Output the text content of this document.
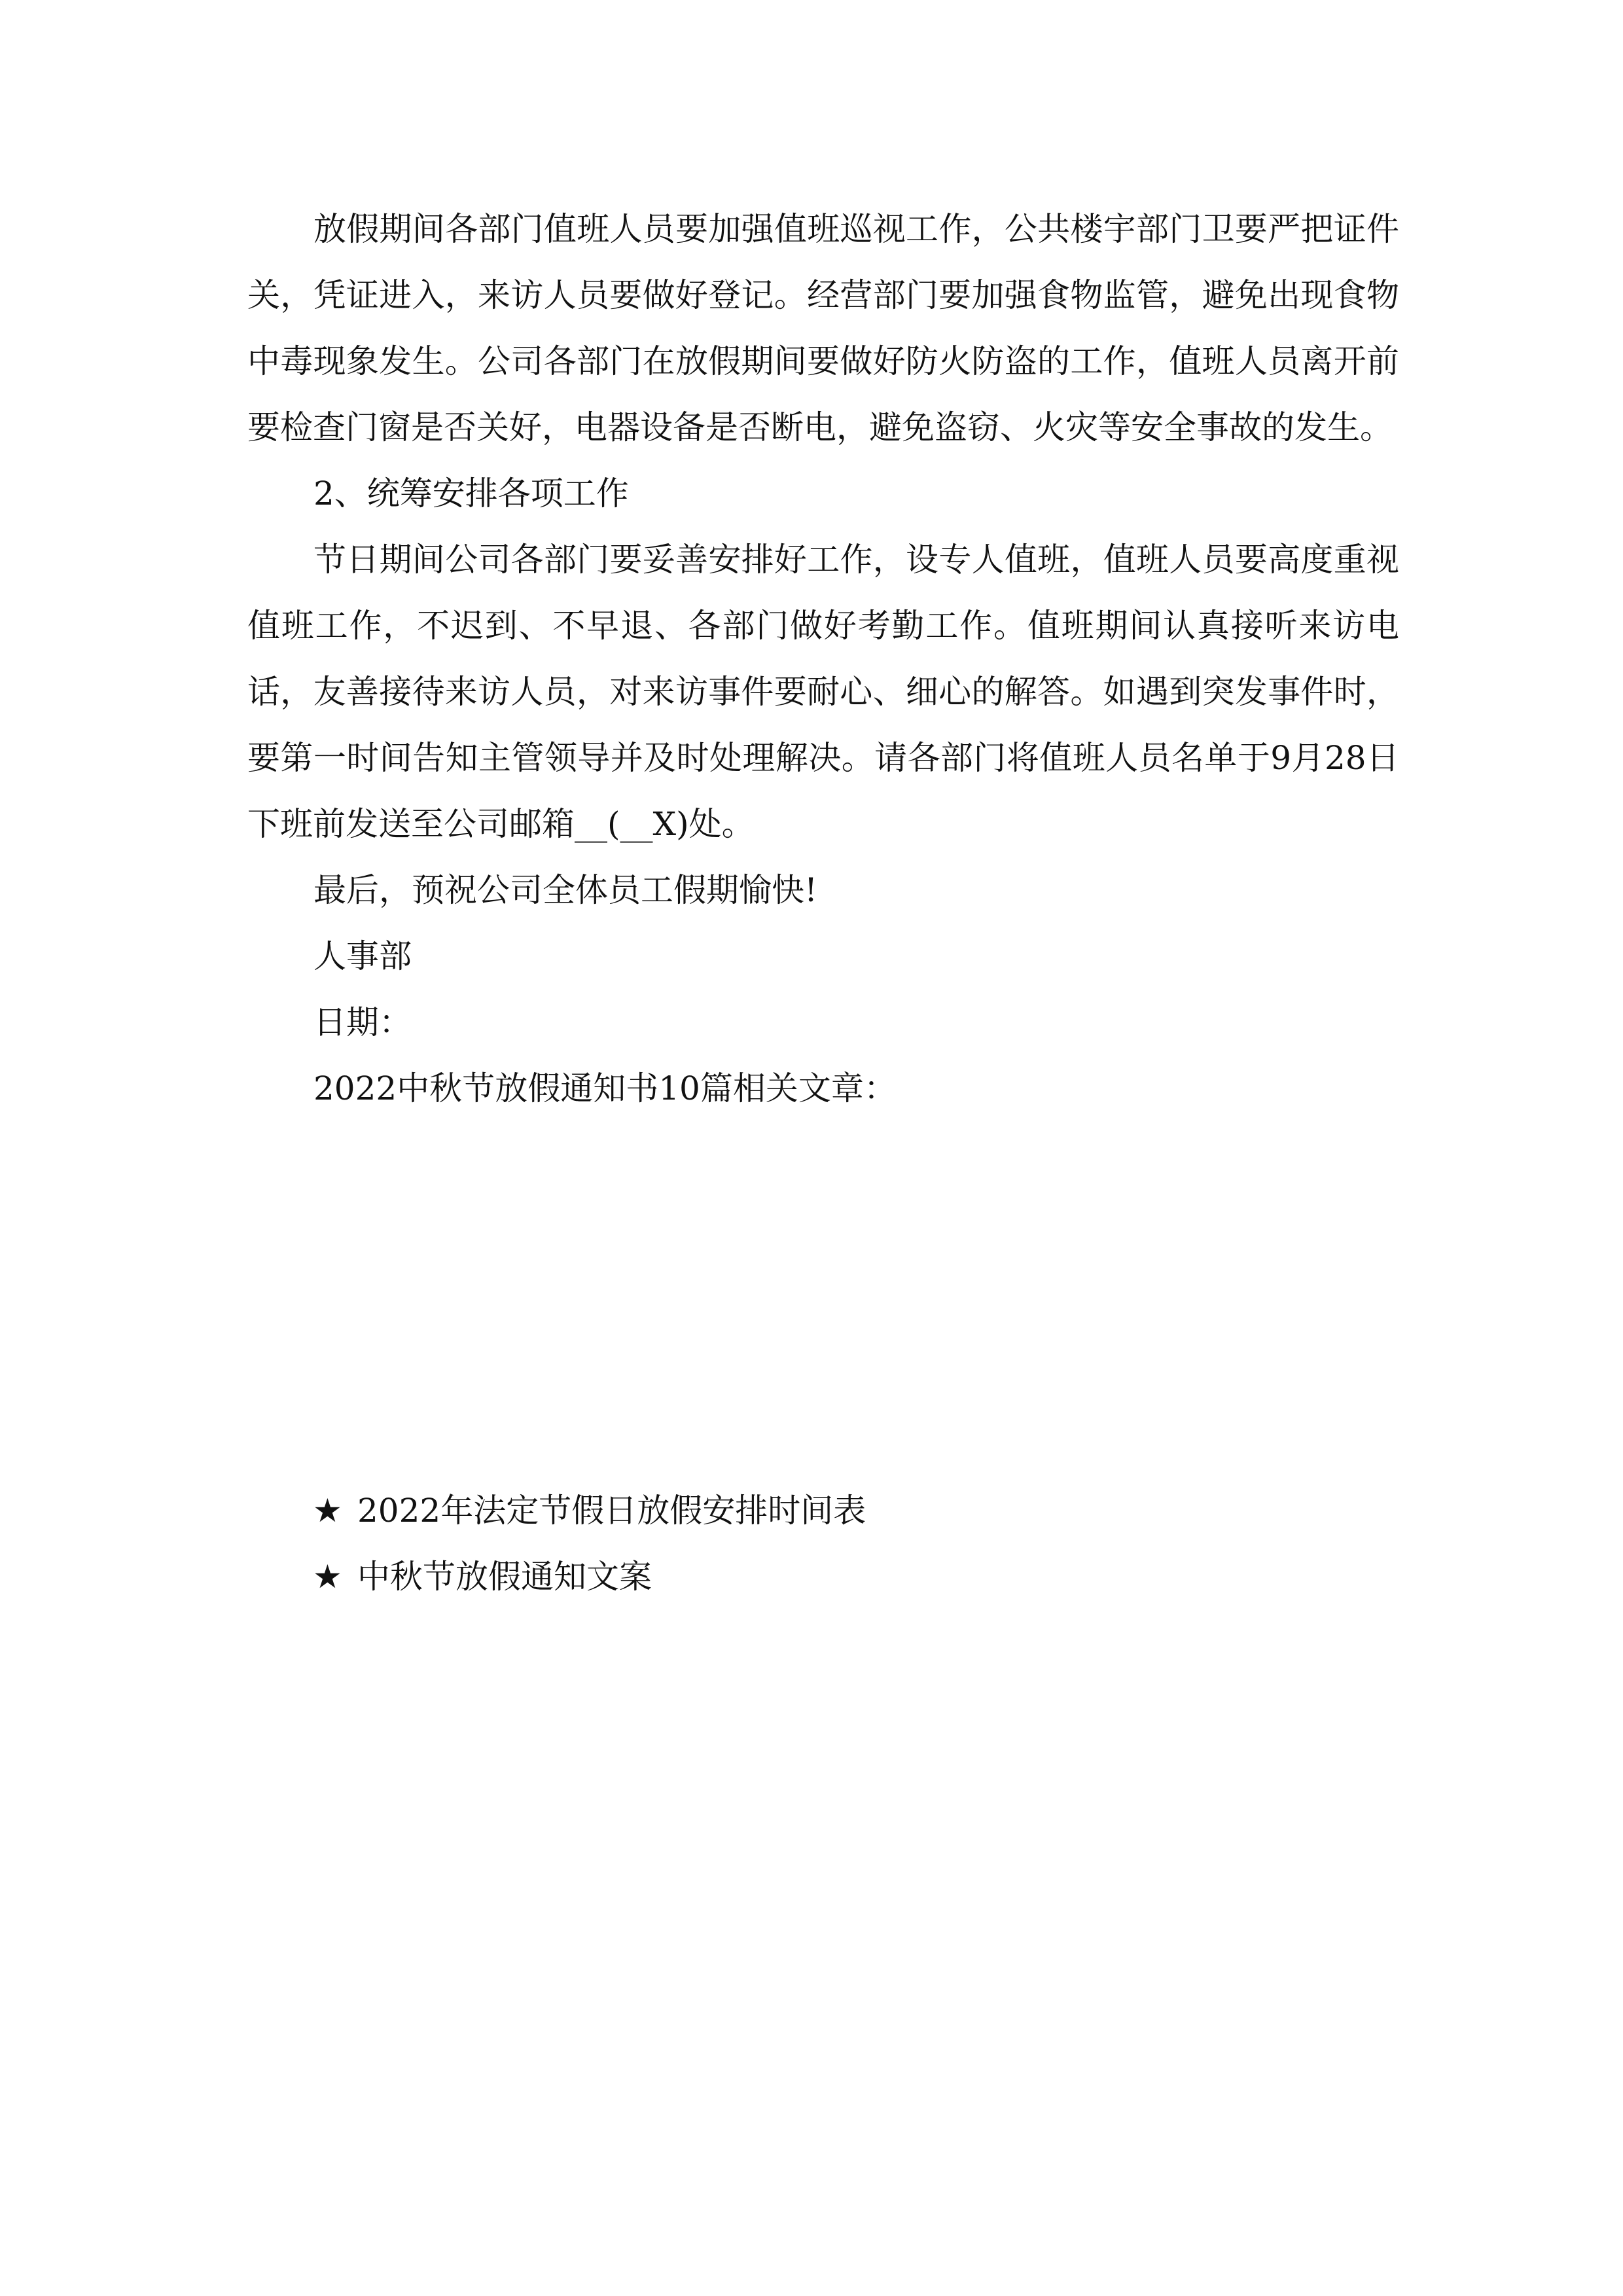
放假期间各部门值班人员要加强值班巡视工作，公共楼宇部门卫要严把证件关，凭证进入，来访人员要做好登记。经营部门要加强食物监管，避免出现食物中毒现象发生。公司各部门在放假期间要做好防火防盗的工作，值班人员离开前要检查门窗是否关好，电器设备是否断电，避免盗窃、火灾等安全事故的发生。

2、统筹安排各项工作

节日期间公司各部门要妥善安排好工作，设专人值班，值班人员要高度重视值班工作，不迟到、不早退、各部门做好考勤工作。值班期间认真接听来访电话，友善接待来访人员，对来访事件要耐心、细心的解答。如遇到突发事件时，要第一时间告知主管领导并及时处理解决。请各部门将值班人员名单于9月28日下班前发送至公司邮箱__(__X)处。

最后，预祝公司全体员工假期愉快!

人事部

日期：

2022中秋节放假通知书10篇相关文章：

★ 2022年法定节假日放假安排时间表
★ 中秋节放假通知文案
